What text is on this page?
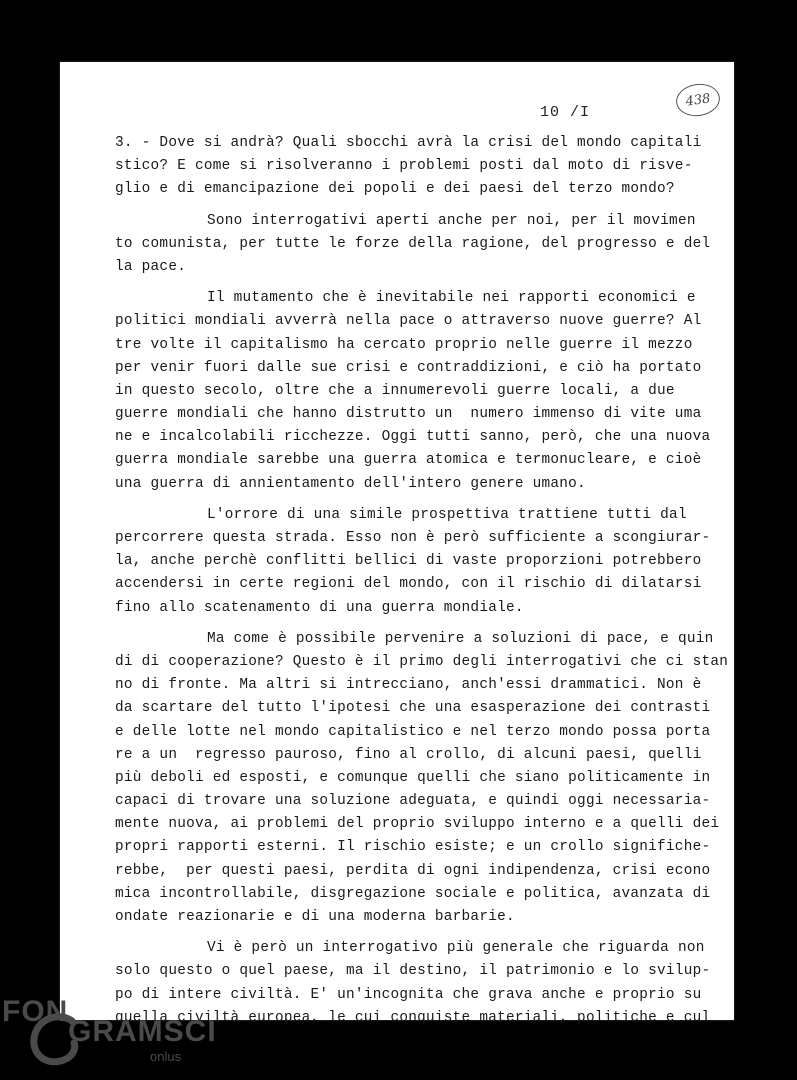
10 /I
438
3. - Dove si andrà? Quali sbocchi avrà la crisi del mondo capitali
stico? E come si risolveranno i problemi posti dal moto di risve-
glio e di emancipazione dei popoli e dei paesi del terzo mondo?
Sono interrogativi aperti anche per noi, per il movimen
to comunista, per tutte le forze della ragione, del progresso e del
la pace.
Il mutamento che è inevitabile nei rapporti economici e
politici mondiali avverrà nella pace o attraverso nuove guerre? Al
tre volte il capitalismo ha cercato proprio nelle guerre il mezzo
per venir fuori dalle sue crisi e contraddizioni, e ciò ha portato
in questo secolo, oltre che a innumerevoli guerre locali, a due
guerre mondiali che hanno distrutto un  numero immenso di vite uma
ne e incalcolabili ricchezze. Oggi tutti sanno, però, che una nuova
guerra mondiale sarebbe una guerra atomica e termonucleare, e cioè
una guerra di annientamento dell'intero genere umano.
L'orrore di una simile prospettiva trattiene tutti dal
percorrere questa strada. Esso non è però sufficiente a scongiurar-
la, anche perchè conflitti bellici di vaste proporzioni potrebbero
accendersi in certe regioni del mondo, con il rischio di dilatarsi
fino allo scatenamento di una guerra mondiale.
Ma come è possibile pervenire a soluzioni di pace, e quin
di di cooperazione? Questo è il primo degli interrogativi che ci stan
no di fronte. Ma altri si intrecciano, anch'essi drammatici. Non è
da scartare del tutto l'ipotesi che una esasperazione dei contrasti
e delle lotte nel mondo capitalistico e nel terzo mondo possa porta
re a un  regresso pauroso, fino al crollo, di alcuni paesi, quelli
più deboli ed esposti, e comunque quelli che siano politicamente in
capaci di trovare una soluzione adeguata, e quindi oggi necessaria-
mente nuova, ai problemi del proprio sviluppo interno e a quelli dei
propri rapporti esterni. Il rischio esiste; e un crollo significhe-
rebbe,  per questi paesi, perdita di ogni indipendenza, crisi econo
mica incontrollabile, disgregazione sociale e politica, avanzata di
ondate reazionarie e di una moderna barbarie.
Vi è però un interrogativo più generale che riguarda non
solo questo o quel paese, ma il destino, il patrimonio e lo svilup-
po di intere civiltà. E' un'incognita che grava anche e proprio su
quella civiltà europea, le cui conquiste materiali, politiche e cul
FON
GRAMSCI
onlus
